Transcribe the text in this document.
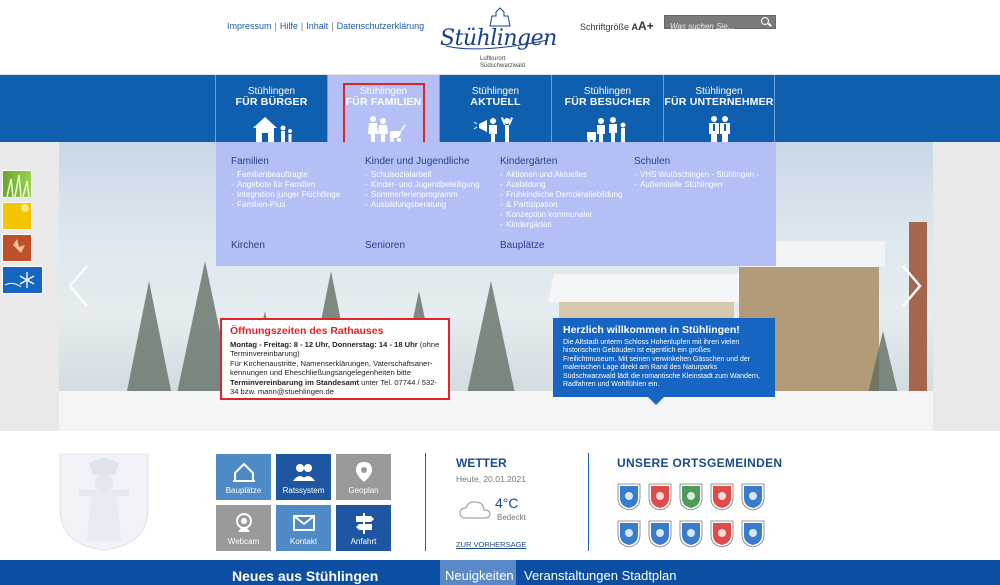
Impressum | Hilfe | Inhalt | Datenschutzerklärung Stühlingen
Luftkurort
Südschwarzwald
Schriftgröße AA+
Was suchen Sie...
Stühlingen
FÜR BÜRGER
Stühlingen
FÜR FAMILIEN
Stühlingen
AKTUELL
Stühlingen
FÜR BESUCHER
Stühlingen
FÜR UNTERNEHMER
Familien
- Familienbeauftragte
- Angebote für Familien
- Integration junger Flüchtlinge
- Familien-Plus
Kinder und Jugendliche
- Schulsozialarbeit
- Kinder- und Jugendbeteiligung
- Sommerferienprogramm
- Ausbildungsberatung
Kindergärten
- Aktionen und Aktuelles
- Ausbildung
- Frühkindliche Demokratiebildung
- & Partizipation
- Konzeption kommunaler
- Kindergärten
Schulen
- VHS Wutöschingen - Stühlingen -
- Außenstelle Stühlingen
Kirchen	Senioren	Bauplätze
Öffnungszeiten des Rathauses

Montag - Freitag: 8 - 12 Uhr, Donnerstag: 14 - 18 Uhr (ohne Terminvereinbarung)
Für Kirchenaustritte, Namenserklärungen, Vaterschaftsaner-kennungen und Eheschließungsangelegenheiten bitte
Terminvereinbarung im Standesamt unter Tel. 07744 / 532-34 bzw. mann@stuehlingen.de

Herzlich willkommen in Stühlingen!

Die Altstadt unterm Schloss Hohenlupfen mit ihren vielen historischen Gebäuden ist eigentlich ein großes Freilichtmuseum. Mit seinen verwinkelten Gässchen und der malerischen Lage direkt am Rand des Naturparks Südschwarzwald lädt die romantische Kleinstadt zum Wandern, Radfahren und Wohlfühlen ein.

Bauplätze	Ratssystem	Geoplan
Webcam	Kontakt	Anfahrt
WETTER
Heute, 20.01.2021
4°C
Bedeckt
ZUR VORHERSAGE
UNSERE ORTSGEMEINDEN
Neues aus Stühlingen	Neuigkeiten Veranstaltungen Stadtplan
